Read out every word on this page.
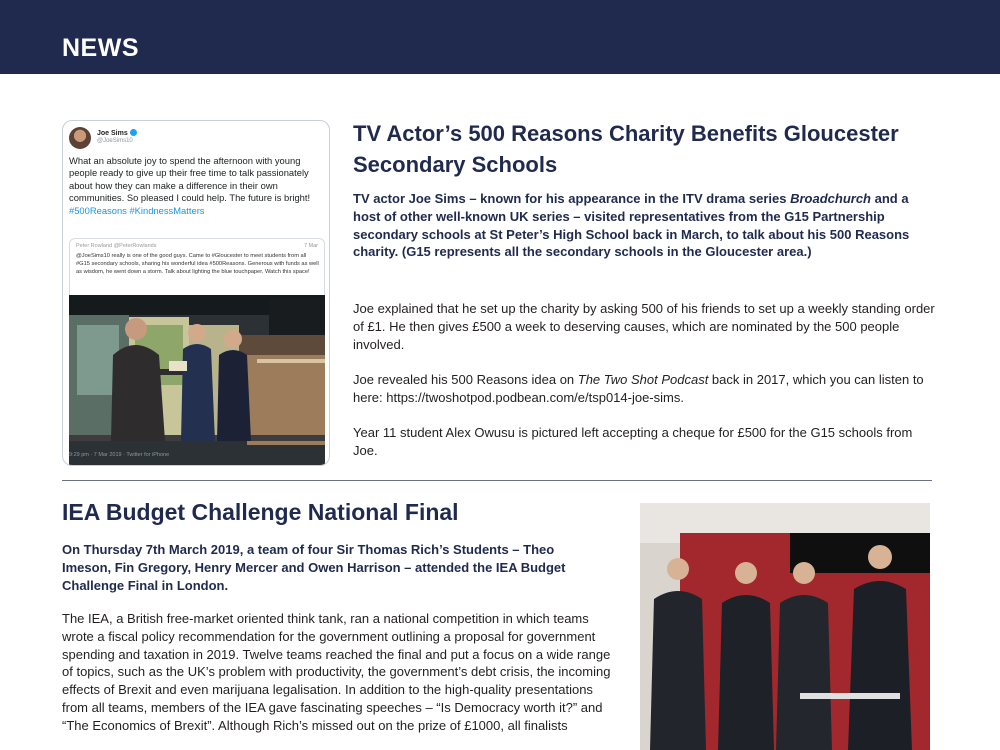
NEWS
Joe Sims
@JoeSims10
What an absolute joy to spend the afternoon with young people ready to give up their free time to talk passionately about how they can make a difference in their own communities. So pleased I could help. The future is bright! #500Reasons #KindnessMatters
Peter Rowland @PeterRowlands	7 Mar
@JoeSims10 really is one of the good guys. Came to #Gloucester to meet students from all #G15 secondary schools, sharing his wonderful idea #500Reasons. Generous with funds as well as wisdom, he went down a storm. Talk about lighting the blue touchpaper. Watch this space!
9:29 pm · 7 Mar 2019 · Twitter for iPhone
TV Actor’s 500 Reasons Charity Benefits Gloucester Secondary Schools
TV actor Joe Sims – known for his appearance in the ITV drama series Broadchurch and a host of other well-known UK series – visited representatives from the G15 Partnership secondary schools at St Peter’s High School back in March, to talk about his 500 Reasons charity. (G15 represents all the secondary schools in the Gloucester area.)
Joe explained that he set up the charity by asking 500 of his friends to set up a weekly standing order of £1. He then gives £500 a week to deserving causes, which are nominated by the 500 people involved.
Joe revealed his 500 Reasons idea on The Two Shot Podcast back in 2017, which you can listen to here: https://twoshotpod.podbean.com/e/tsp014-joe-sims.
Year 11 student Alex Owusu is pictured left accepting a cheque for £500 for the G15 schools from Joe.
IEA Budget Challenge National Final
On Thursday 7th March 2019, a team of four Sir Thomas Rich’s Students – Theo Imeson, Fin Gregory, Henry Mercer and Owen Harrison – attended the IEA Budget Challenge Final in London.
The IEA, a British free-market oriented think tank, ran a national competition in which teams wrote a fiscal policy recommendation for the government outlining a proposal for government spending and taxation in 2019. Twelve teams reached the final and put a focus on a wide range of topics, such as the UK’s problem with productivity, the government’s debt crisis, the incoming effects of Brexit and even marijuana legalisation. In addition to the high-quality presentations from all teams, members of the IEA gave fascinating speeches – “Is Democracy worth it?” and “The Economics of Brexit”. Although Rich’s missed out on the prize of £1000, all finalists
